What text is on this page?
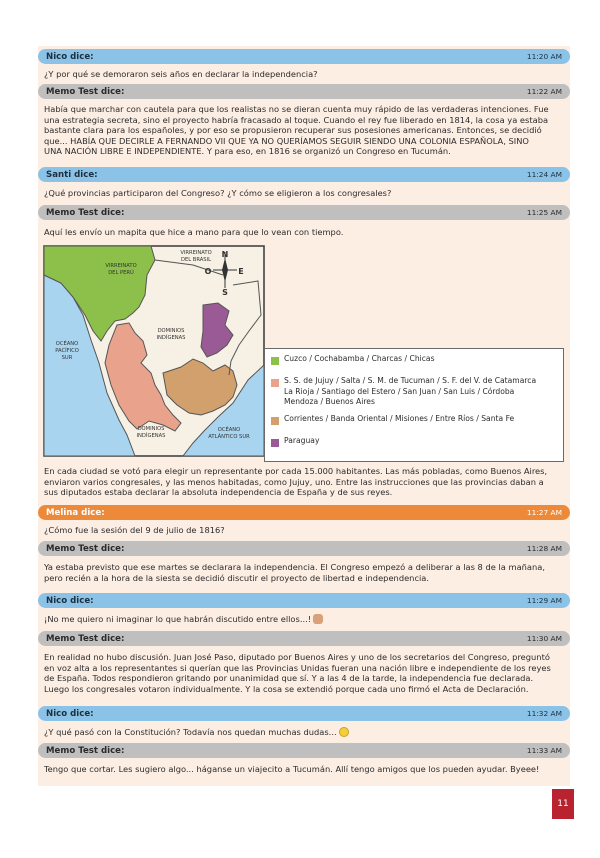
Nico dice:	11:20 AM

¿Y por qué se demoraron seis años en declarar la independencia?

Memo Test dice:	11:22 AM
Había que marchar con cautela para que los realistas no se dieran cuenta muy rápido de las verdaderas intenciones. Fue
una estrategia secreta, sino el proyecto habría fracasado al toque. Cuando el rey fue liberado en 1814, la cosa ya estaba
bastante clara para los españoles, y por eso se propusieron recuperar sus posesiones americanas. Entonces, se decidió
que... HABÍA QUE DECIRLE A FERNANDO VII QUE YA NO QUERÍAMOS SEGUIR SIENDO UNA COLONIA ESPAÑOLA, SINO
UNA NACIÓN LIBRE E INDEPENDIENTE. Y para eso, en 1816 se organizó un Congreso en Tucumán.
Santi dice:	11:24 AM

¿Qué provincias participaron del Congreso? ¿Y cómo se eligieron a los congresales?

Memo Test dice:	11:25 AM

Aquí les envío un mapita que hice a mano para que lo vean con tiempo.

N
S
E
O
VIRREINATO
DEL PERÚ
VIRREINATO
DEL BRASIL
DOMINIOS
INDÍGENAS
OCÉANO
PACÍFICO
SUR
DOMINIOS
INDÍGENAS
OCÉANO
ATLÁNTICO SUR
Cuzco / Cochabamba / Charcas / Chicas
S. S. de Jujuy / Salta / S. M. de Tucuman / S. F. del V. de Catamarca
La Rioja / Santiago del Estero / San Juan / San Luis / Córdoba
Mendoza / Buenos Aires
Corrientes / Banda Oriental / Misiones / Entre Ríos / Santa Fe
Paraguay
En cada ciudad se votó para elegir un representante por cada 15.000 habitantes. Las más pobladas, como Buenos Aires,
enviaron varios congresales, y las menos habitadas, como Jujuy, uno. Entre las instrucciones que las provincias daban a
sus diputados estaba declarar la absoluta independencia de España y de sus reyes.
Melina dice:	11:27 AM

¿Cómo fue la sesión del 9 de julio de 1816?

Memo Test dice:	11:28 AM
Ya estaba previsto que ese martes se declarara la independencia. El Congreso empezó a deliberar a las 8 de la mañana,
pero recién a la hora de la siesta se decidió discutir el proyecto de libertad e independencia.
Nico dice:	11:29 AM

¡No me quiero ni imaginar lo que habrán discutido entre ellos...!

Memo Test dice:	11:30 AM
En realidad no hubo discusión. Juan José Paso, diputado por Buenos Aires y uno de los secretarios del Congreso, preguntó
en voz alta a los representantes si querían que las Provincias Unidas fueran una nación libre e independiente de los reyes
de España. Todos respondieron gritando por unanimidad que sí. Y a las 4 de la tarde, la independencia fue declarada.
Luego los congresales votaron individualmente. Y la cosa se extendió porque cada uno firmó el Acta de Declaración.
Nico dice:	11:32 AM

¿Y qué pasó con la Constitución? Todavía nos quedan muchas dudas...

Memo Test dice:	11:33 AM

Tengo que cortar. Les sugiero algo... háganse un viajecito a Tucumán. Allí tengo amigos que los pueden ayudar. Byeee!

11
